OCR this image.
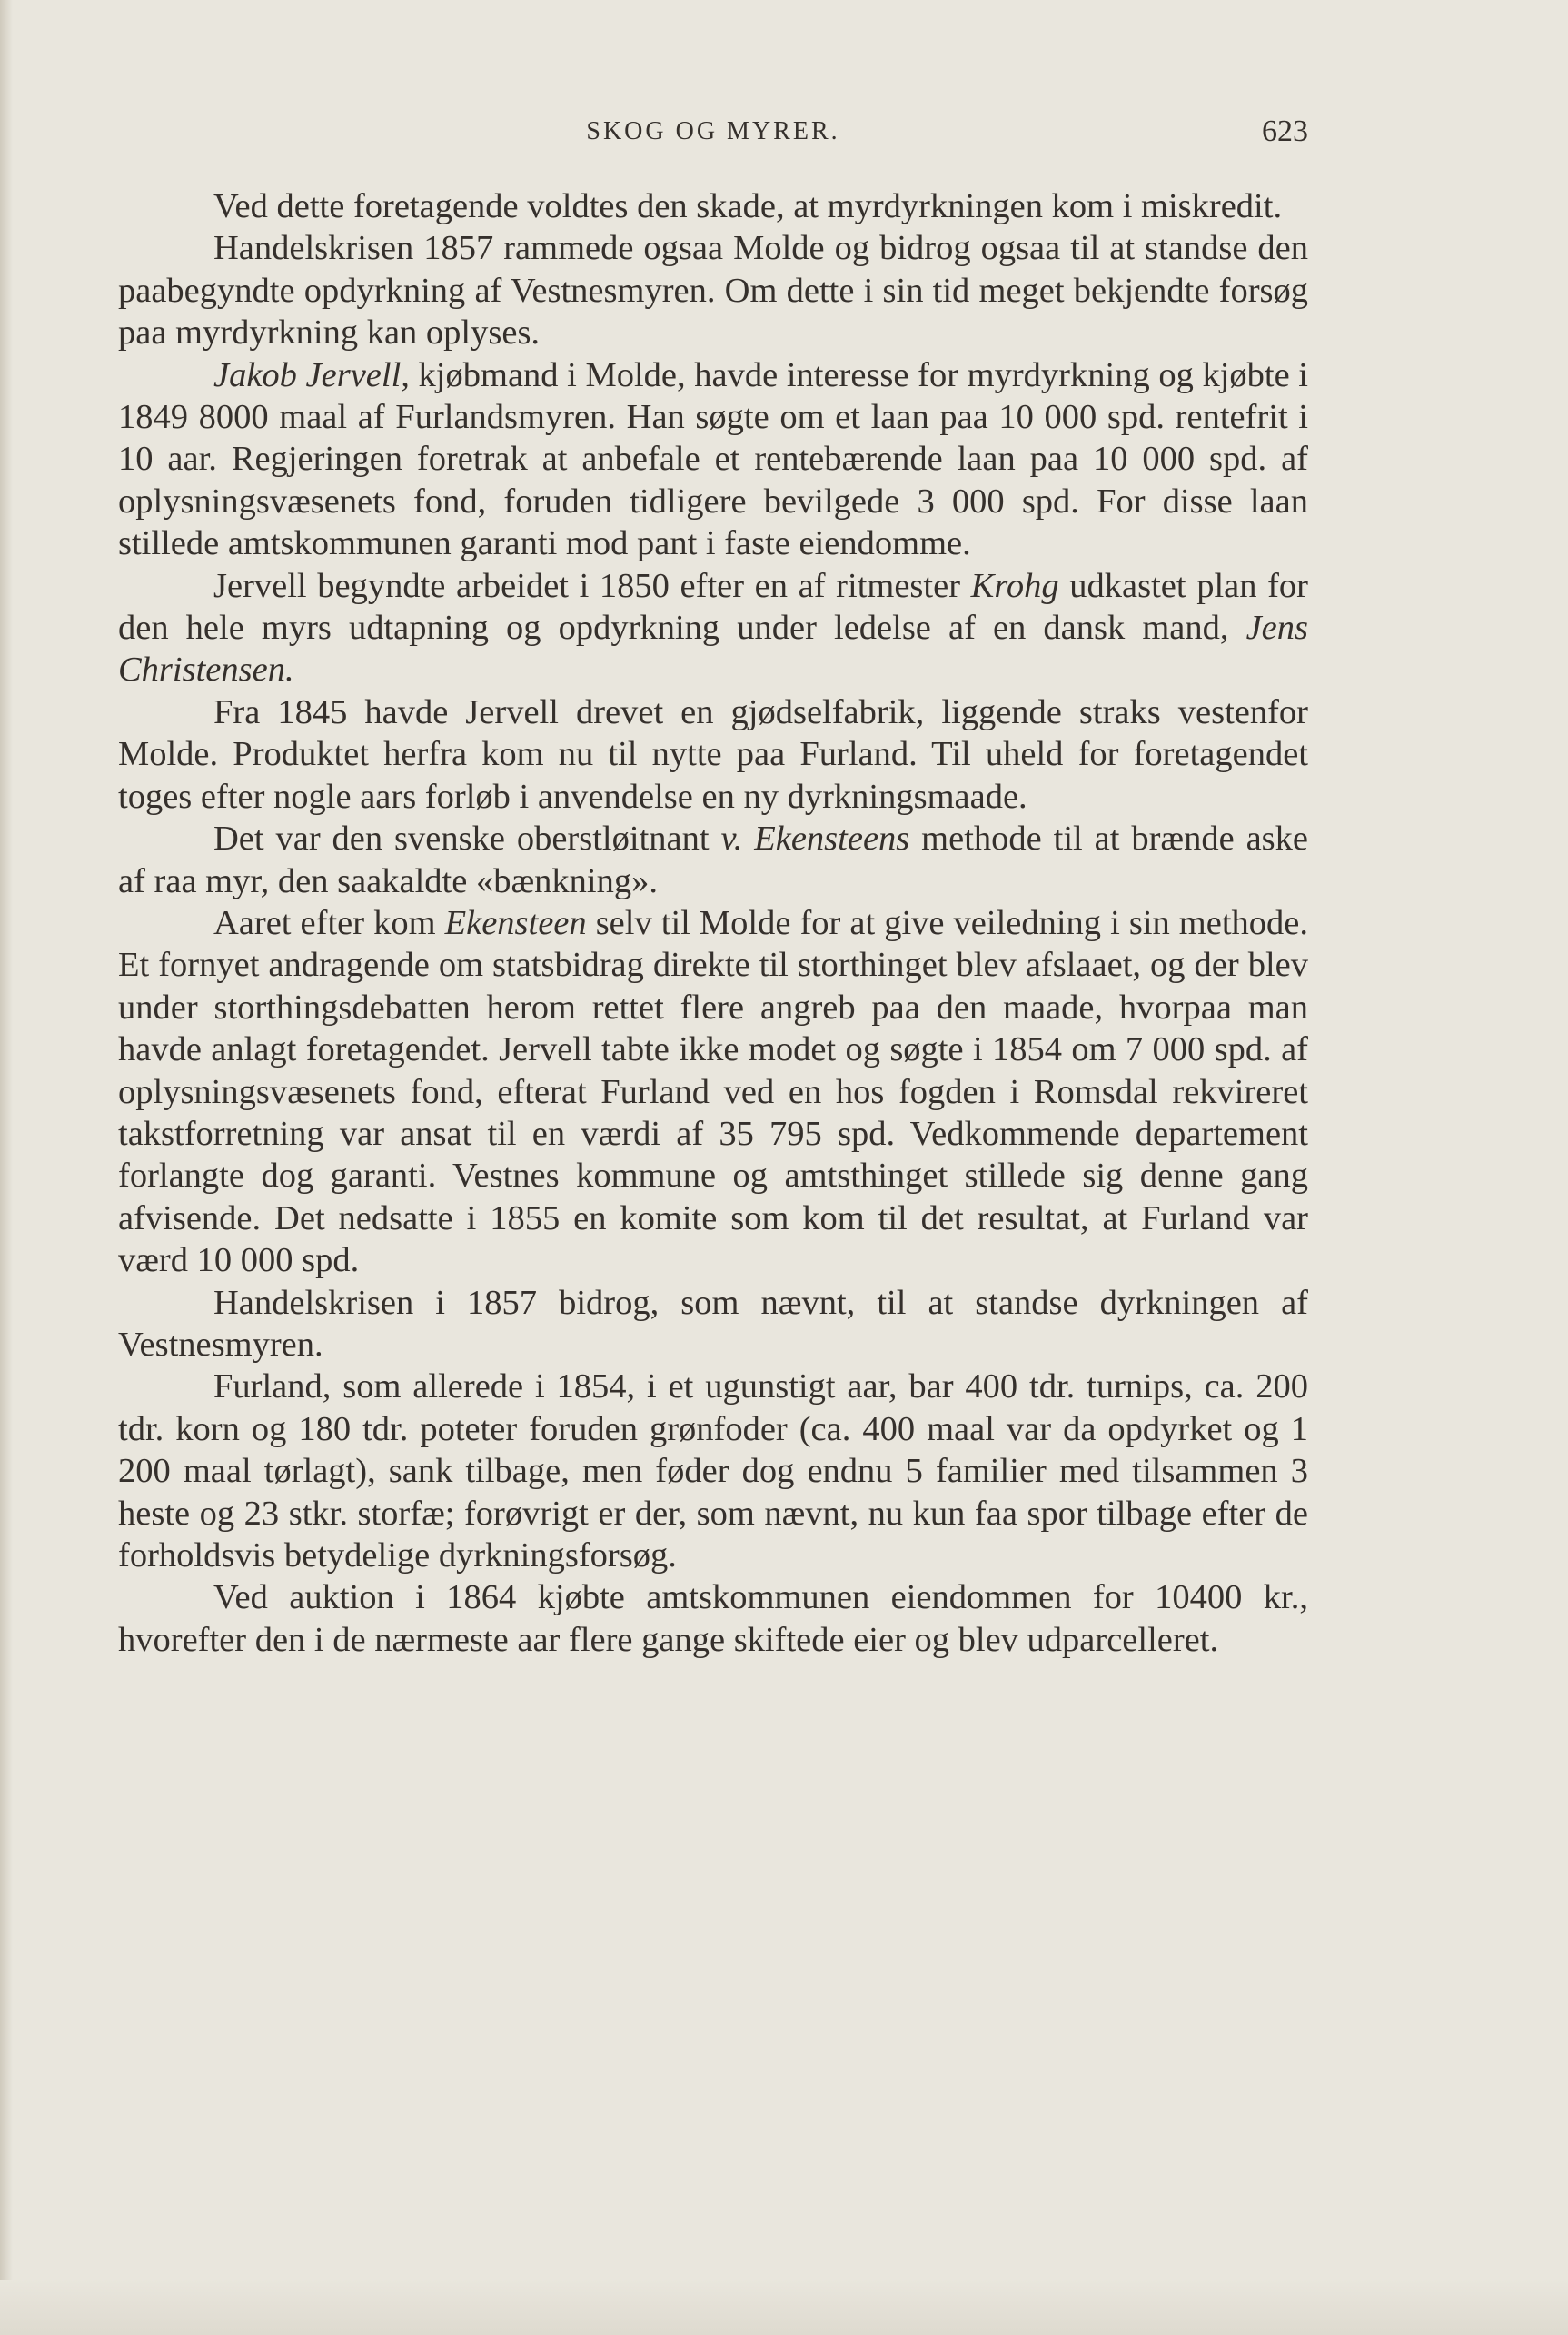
SKOG OG MYRER.	623

Ved dette foretagende voldtes den skade, at myrdyrkningen kom i miskredit.

Handelskrisen 1857 rammede ogsaa Molde og bidrog ogsaa til at standse den paabegyndte opdyrkning af Vestnesmyren. Om dette i sin tid meget bekjendte forsøg paa myrdyrkning kan oplyses.

Jakob Jervell, kjøbmand i Molde, havde interesse for myrdyrkning og kjøbte i 1849 8000 maal af Furlandsmyren. Han søgte om et laan paa 10 000 spd. rentefrit i 10 aar. Regjeringen foretrak at anbefale et rentebærende laan paa 10 000 spd. af oplysningsvæsenets fond, foruden tidligere bevilgede 3 000 spd. For disse laan stillede amtskommunen garanti mod pant i faste eiendomme.

Jervell begyndte arbeidet i 1850 efter en af ritmester Krohg udkastet plan for den hele myrs udtapning og opdyrkning under ledelse af en dansk mand, Jens Christensen.

Fra 1845 havde Jervell drevet en gjødselfabrik, liggende straks vestenfor Molde. Produktet herfra kom nu til nytte paa Furland. Til uheld for foretagendet toges efter nogle aars forløb i anvendelse en ny dyrkningsmaade.

Det var den svenske oberstløitnant v. Ekensteens methode til at brænde aske af raa myr, den saakaldte «bænkning».

Aaret efter kom Ekensteen selv til Molde for at give veiledning i sin methode. Et fornyet andragende om statsbidrag direkte til storthinget blev afslaaet, og der blev under storthingsdebatten herom rettet flere angreb paa den maade, hvorpaa man havde anlagt foretagendet. Jervell tabte ikke modet og søgte i 1854 om 7 000 spd. af oplysningsvæsenets fond, efterat Furland ved en hos fogden i Romsdal rekvireret takstforretning var ansat til en værdi af 35 795 spd. Vedkommende departement forlangte dog garanti. Vestnes kommune og amtsthinget stillede sig denne gang afvisende. Det nedsatte i 1855 en komite som kom til det resultat, at Furland var værd 10 000 spd.

Handelskrisen i 1857 bidrog, som nævnt, til at standse dyrkningen af Vestnesmyren.

Furland, som allerede i 1854, i et ugunstigt aar, bar 400 tdr. turnips, ca. 200 tdr. korn og 180 tdr. poteter foruden grønfoder (ca. 400 maal var da opdyrket og 1 200 maal tørlagt), sank tilbage, men føder dog endnu 5 familier med tilsammen 3 heste og 23 stkr. storfæ; forøvrigt er der, som nævnt, nu kun faa spor tilbage efter de forholdsvis betydelige dyrkningsforsøg.

Ved auktion i 1864 kjøbte amtskommunen eiendommen for 10400 kr., hvorefter den i de nærmeste aar flere gange skiftede eier og blev udparcelleret.
